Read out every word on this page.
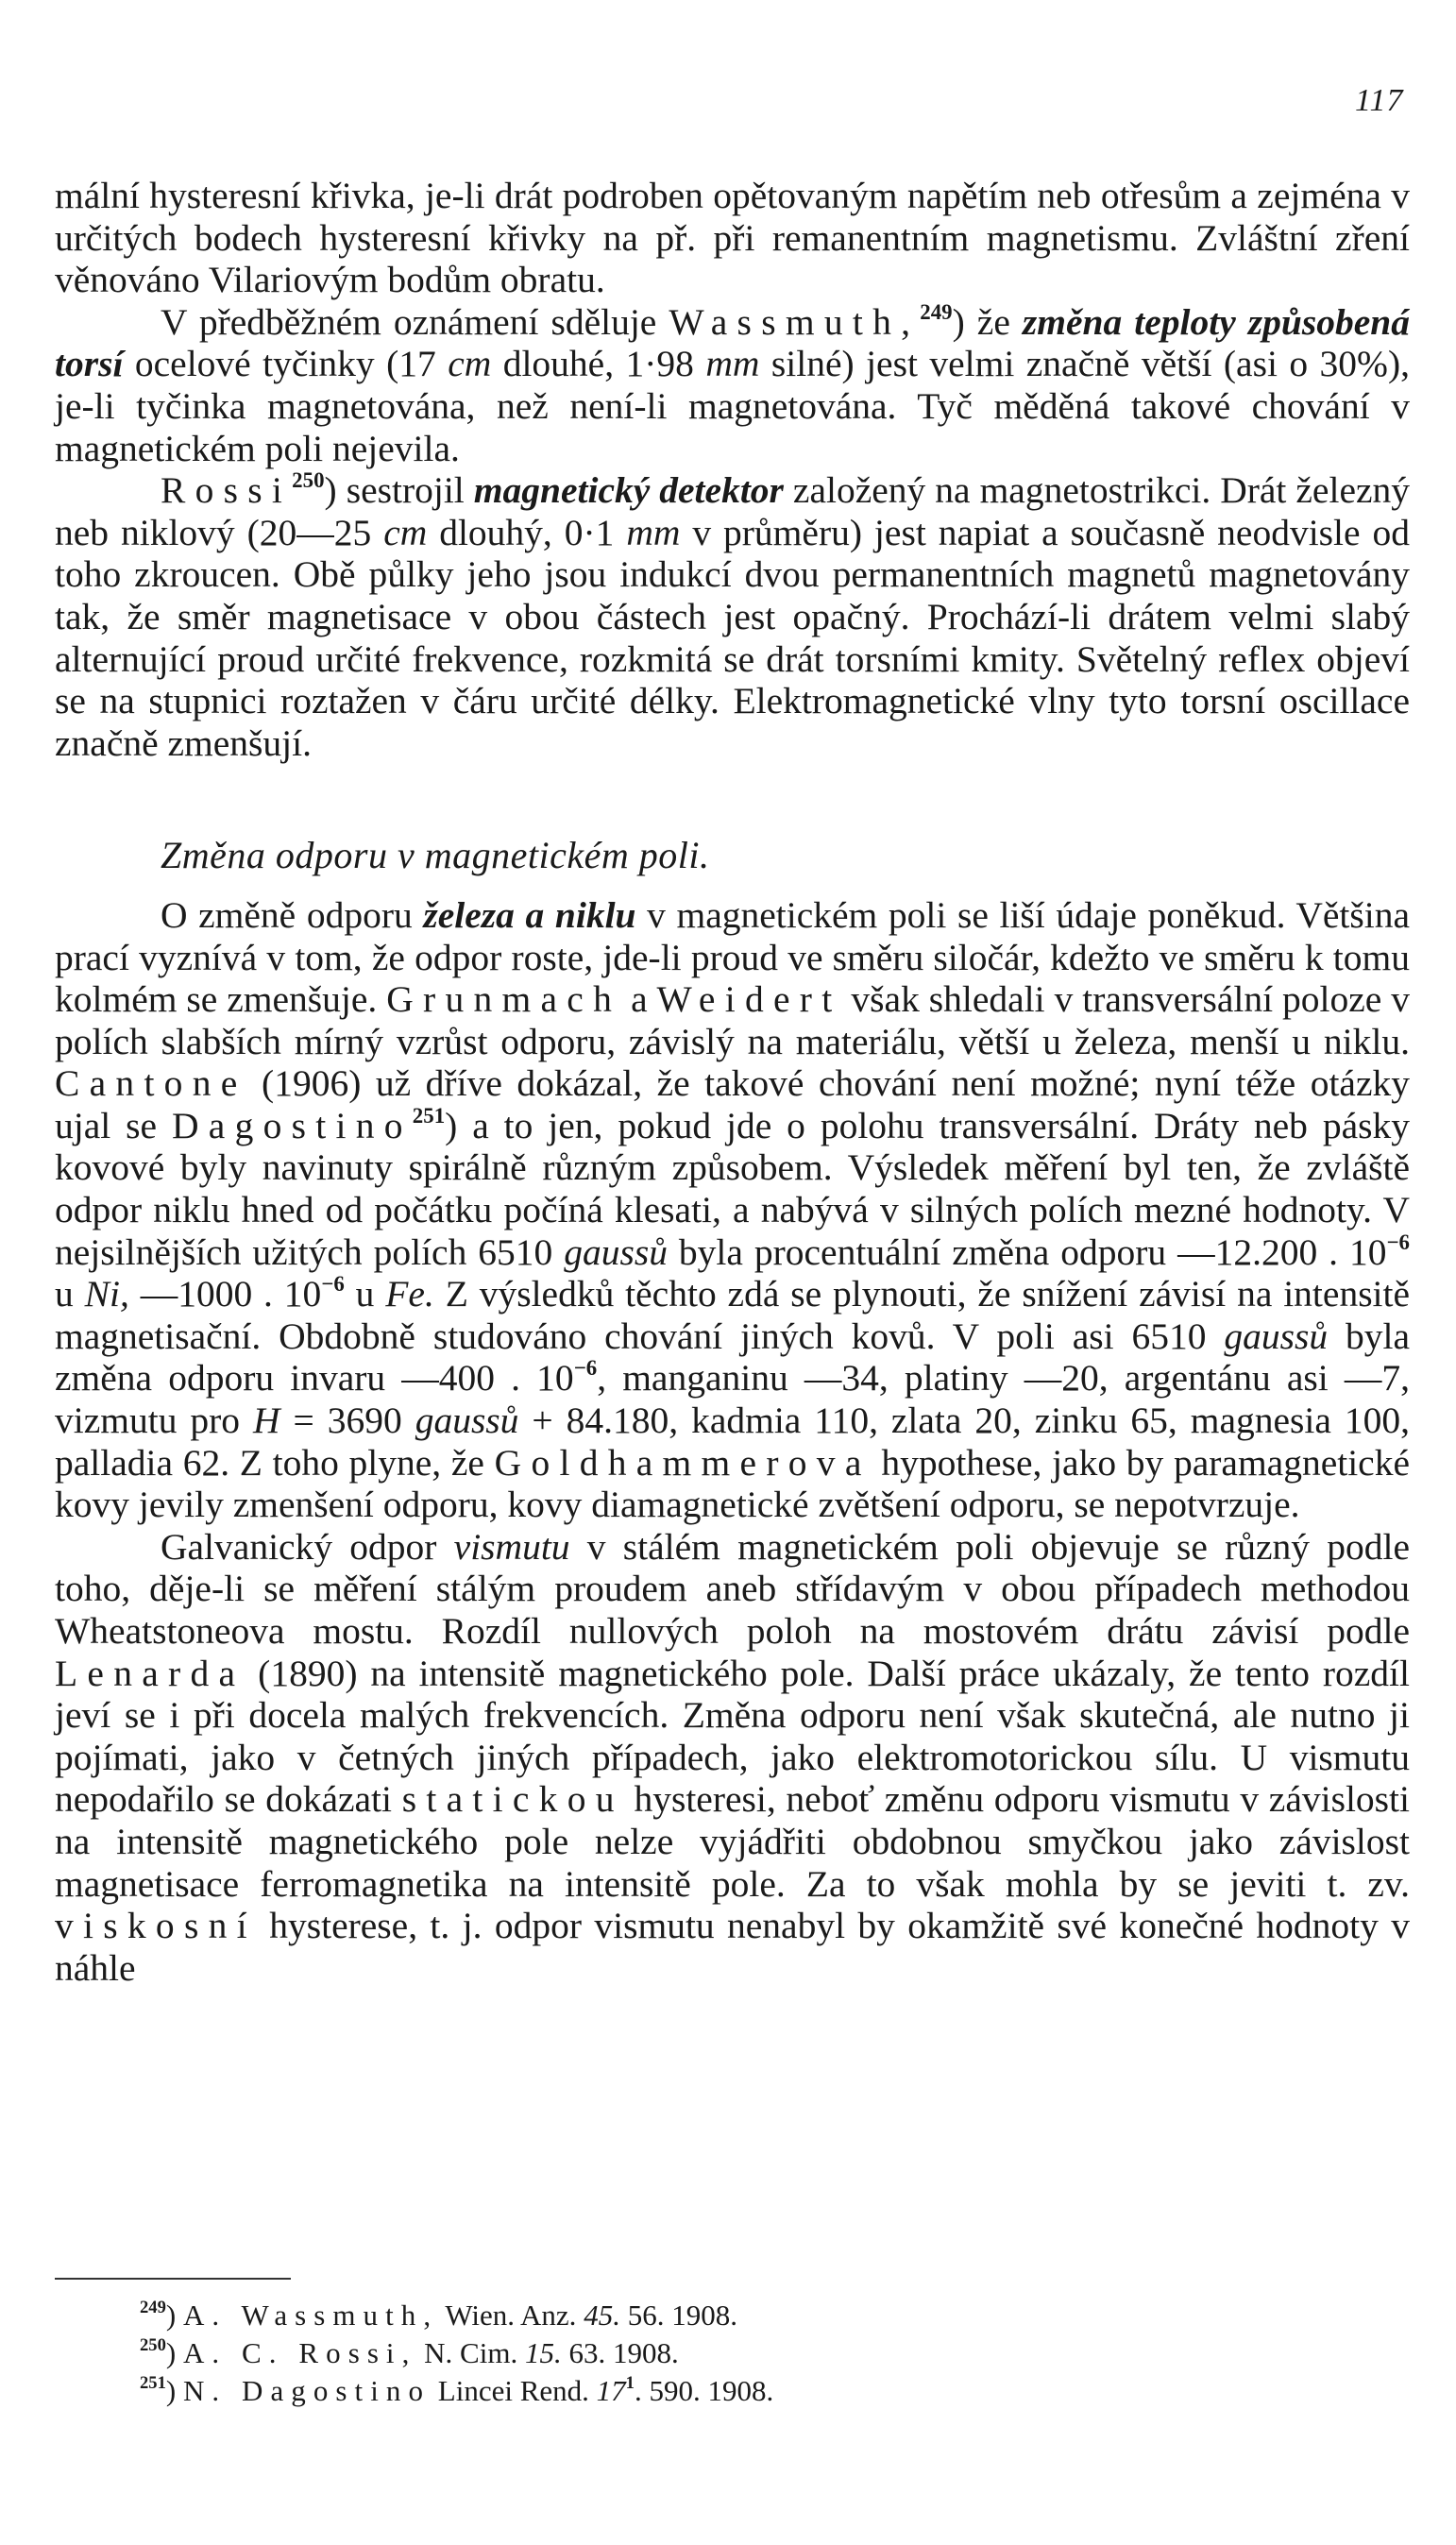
117

mální hysteresní křivka, je-li drát podroben opětovaným napětím neb otřesům a zejména v určitých bodech hysteresní křivky na př. při remanentním magnetismu. Zvláštní zření věnováno Vilariovým bodům obratu.

V předběžném oznámení sděluje Wassmuth,$^{249}$) že změna teploty způsobená torsí ocelové tyčinky (17 cm dlouhé, 1·98 mm silné) jest velmi značně větší (asi o 30%), je-li tyčinka magnetována, než není-li magnetována. Tyč měděná takové chování v magnetickém poli nejevila.

Rossi$^{250}$) sestrojil magnetický detektor založený na magnetostrikci. Drát železný neb niklový (20—25 cm dlouhý, 0·1 mm v průměru) jest napiat a současně neodvisle od toho zkroucen. Obě půlky jeho jsou indukcí dvou permanentních magnetů magnetovány tak, že směr magnetisace v obou částech jest opačný. Prochází-li drátem velmi slabý alternující proud určité frekvence, rozkmitá se drát torsními kmity. Světelný reflex objeví se na stupnici roztažen v čáru určité délky. Elektromagnetické vlny tyto torsní oscillace značně zmenšují.

Změna odporu v magnetickém poli.

O změně odporu železa a niklu v magnetickém poli se liší údaje poněkud. Většina prací vyznívá v tom, že odpor roste, jde-li proud ve směru siločár, kdežto ve směru k tomu kolmém se zmenšuje. Grunmach a Weidert však shledali v transversální poloze v polích slabších mírný vzrůst odporu, závislý na materiálu, větší u železa, menší u niklu. Cantone (1906) už dříve dokázal, že takové chování není možné; nyní téže otázky ujal se Dagostino$^{251}$) a to jen, pokud jde o polohu transversální. Dráty neb pásky kovové byly navinuty spirálně různým způsobem. Výsledek měření byl ten, že zvláště odpor niklu hned od počátku počíná klesati, a nabývá v silných polích mezné hodnoty. V nejsilnějších užitých polích 6510 gaussů byla procentuální změna odporu —12.200 . $10^{-6}$ u Ni, —1000 . $10^{-6}$ u Fe. Z výsledků těchto zdá se plynouti, že snížení závisí na intensitě magnetisační. Obdobně studováno chování jiných kovů. V poli asi 6510 gaussů byla změna odporu invaru —400 . $10^{-6}$, manganinu —34, platiny —20, argentánu asi —7, vizmutu pro H = 3690 gaussů + 84.180, kadmia 110, zlata 20, zinku 65, magnesia 100, palladia 62. Z toho plyne, že Goldhammerova hypothese, jako by paramagnetické kovy jevily zmenšení odporu, kovy diamagnetické zvětšení odporu, se nepotvrzuje.

Galvanický odpor vismutu v stálém magnetickém poli objevuje se různý podle toho, děje-li se měření stálým proudem aneb střídavým v obou případech methodou Wheatstoneova mostu. Rozdíl nullových poloh na mostovém drátu závisí podle Lenarda (1890) na intensitě magnetického pole. Další práce ukázaly, že tento rozdíl jeví se i při docela malých frekvencích. Změna odporu není však skutečná, ale nutno ji pojímati, jako v četných jiných případech, jako elektromotorickou sílu. U vismutu nepodařilo se dokázati statickou hysteresi, neboť změnu odporu vismutu v závislosti na intensitě magnetického pole nelze vyjádřiti obdobnou smyčkou jako závislost magnetisace ferromagnetika na intensitě pole. Za to však mohla by se jeviti t. zv. viskosní hysterese, t. j. odpor vismutu nenabyl by okamžitě své konečné hodnoty v náhle

$^{249}$) A. Wassmuth, Wien. Anz. 45. 56. 1908.
$^{250}$) A. C. Rossi, N. Cim. 15. 63. 1908.
$^{251}$) N. Dagostino Lincei Rend. $17^1$. 590. 1908.
